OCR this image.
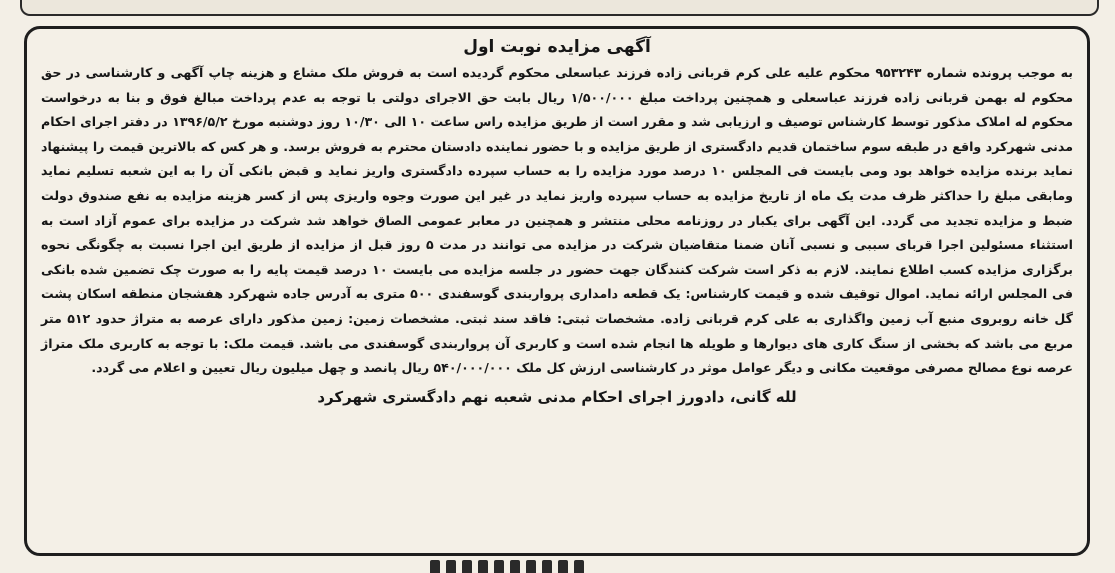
آگهی مزایده نوبت اول

به موجب پرونده شماره ۹۵۳۲۴۳ محکوم علیه علی کرم قربانی زاده فرزند عباسعلی محکوم گردیده است به فروش ملک مشاع و هزینه چاپ آگهی و کارشناسی در حق محکوم له بهمن قربانی زاده فرزند عباسعلی و همچنین پرداخت مبلغ ۱/۵۰۰/۰۰۰ ریال بابت حق الاجرای دولتی با توجه به عدم پرداخت مبالغ فوق و بنا به درخواست محکوم له املاک مذکور توسط کارشناس توصیف و ارزیابی شد و مقرر است از طریق مزایده راس ساعت ۱۰ الی ۱۰/۳۰ روز دوشنبه مورخ ۱۳۹۶/۵/۲ در دفتر اجرای احکام مدنی شهرکرد واقع در طبقه سوم ساختمان قدیم دادگستری از طریق مزایده و با حضور نماینده دادستان محترم به فروش برسد. و هر کس که بالاترین قیمت را پیشنهاد نماید برنده مزایده خواهد بود ومی بایست فی المجلس ۱۰ درصد مورد مزایده را به حساب سپرده دادگستری واریز نماید و قبض بانکی آن را به این شعبه تسلیم نماید ومابقی مبلغ را حداکثر ظرف مدت یک ماه از تاریخ مزایده به حساب سپرده واریز نماید در غیر این صورت وجوه واریزی پس از کسر هزینه مزایده به نفع صندوق دولت ضبط و مزایده تجدید می گردد. این آگهی برای یکبار در روزنامه محلی منتشر و همچنین در معابر عمومی الصاق خواهد شد شرکت در مزایده برای عموم آزاد است به استثناء مسئولین اجرا قربای سببی و نسبی آنان ضمنا متقاضیان شرکت در مزایده می توانند در مدت ۵ روز قبل از مزایده از طریق این اجرا نسبت به چگونگی نحوه برگزاری مزایده کسب اطلاع نمایند. لازم به ذکر است شرکت کنندگان جهت حضور در جلسه مزایده می بایست ۱۰ درصد قیمت پایه را به صورت چک تضمین شده بانکی فی المجلس ارائه نماید. اموال توقیف شده و قیمت کارشناس: یک قطعه دامداری پرواربندی گوسفندی ۵۰۰ متری به آدرس جاده شهرکرد هفشجان منطقه اسکان پشت گل خانه روبروی منبع آب زمین واگذاری به علی کرم قربانی زاده. مشخصات ثبتی: فاقد سند ثبتی. مشخصات زمین: زمین مذکور دارای عرصه به متراژ حدود ۵۱۲ متر مربع می باشد که بخشی از سنگ کاری های دیوارها و طویله ها انجام شده است و کاربری آن پرواربندی گوسفندی می باشد. قیمت ملک: با توجه به کاربری ملک متراژ عرصه نوع مصالح مصرفی موقعیت مکانی و دیگر عوامل موثر در کارشناسی ارزش کل ملک ۵۴۰/۰۰۰/۰۰۰ ریال پانصد و چهل میلیون ریال تعیین و اعلام می گردد.

لله گانی، دادورز اجرای احکام مدنی شعبه نهم دادگستری شهرکرد
